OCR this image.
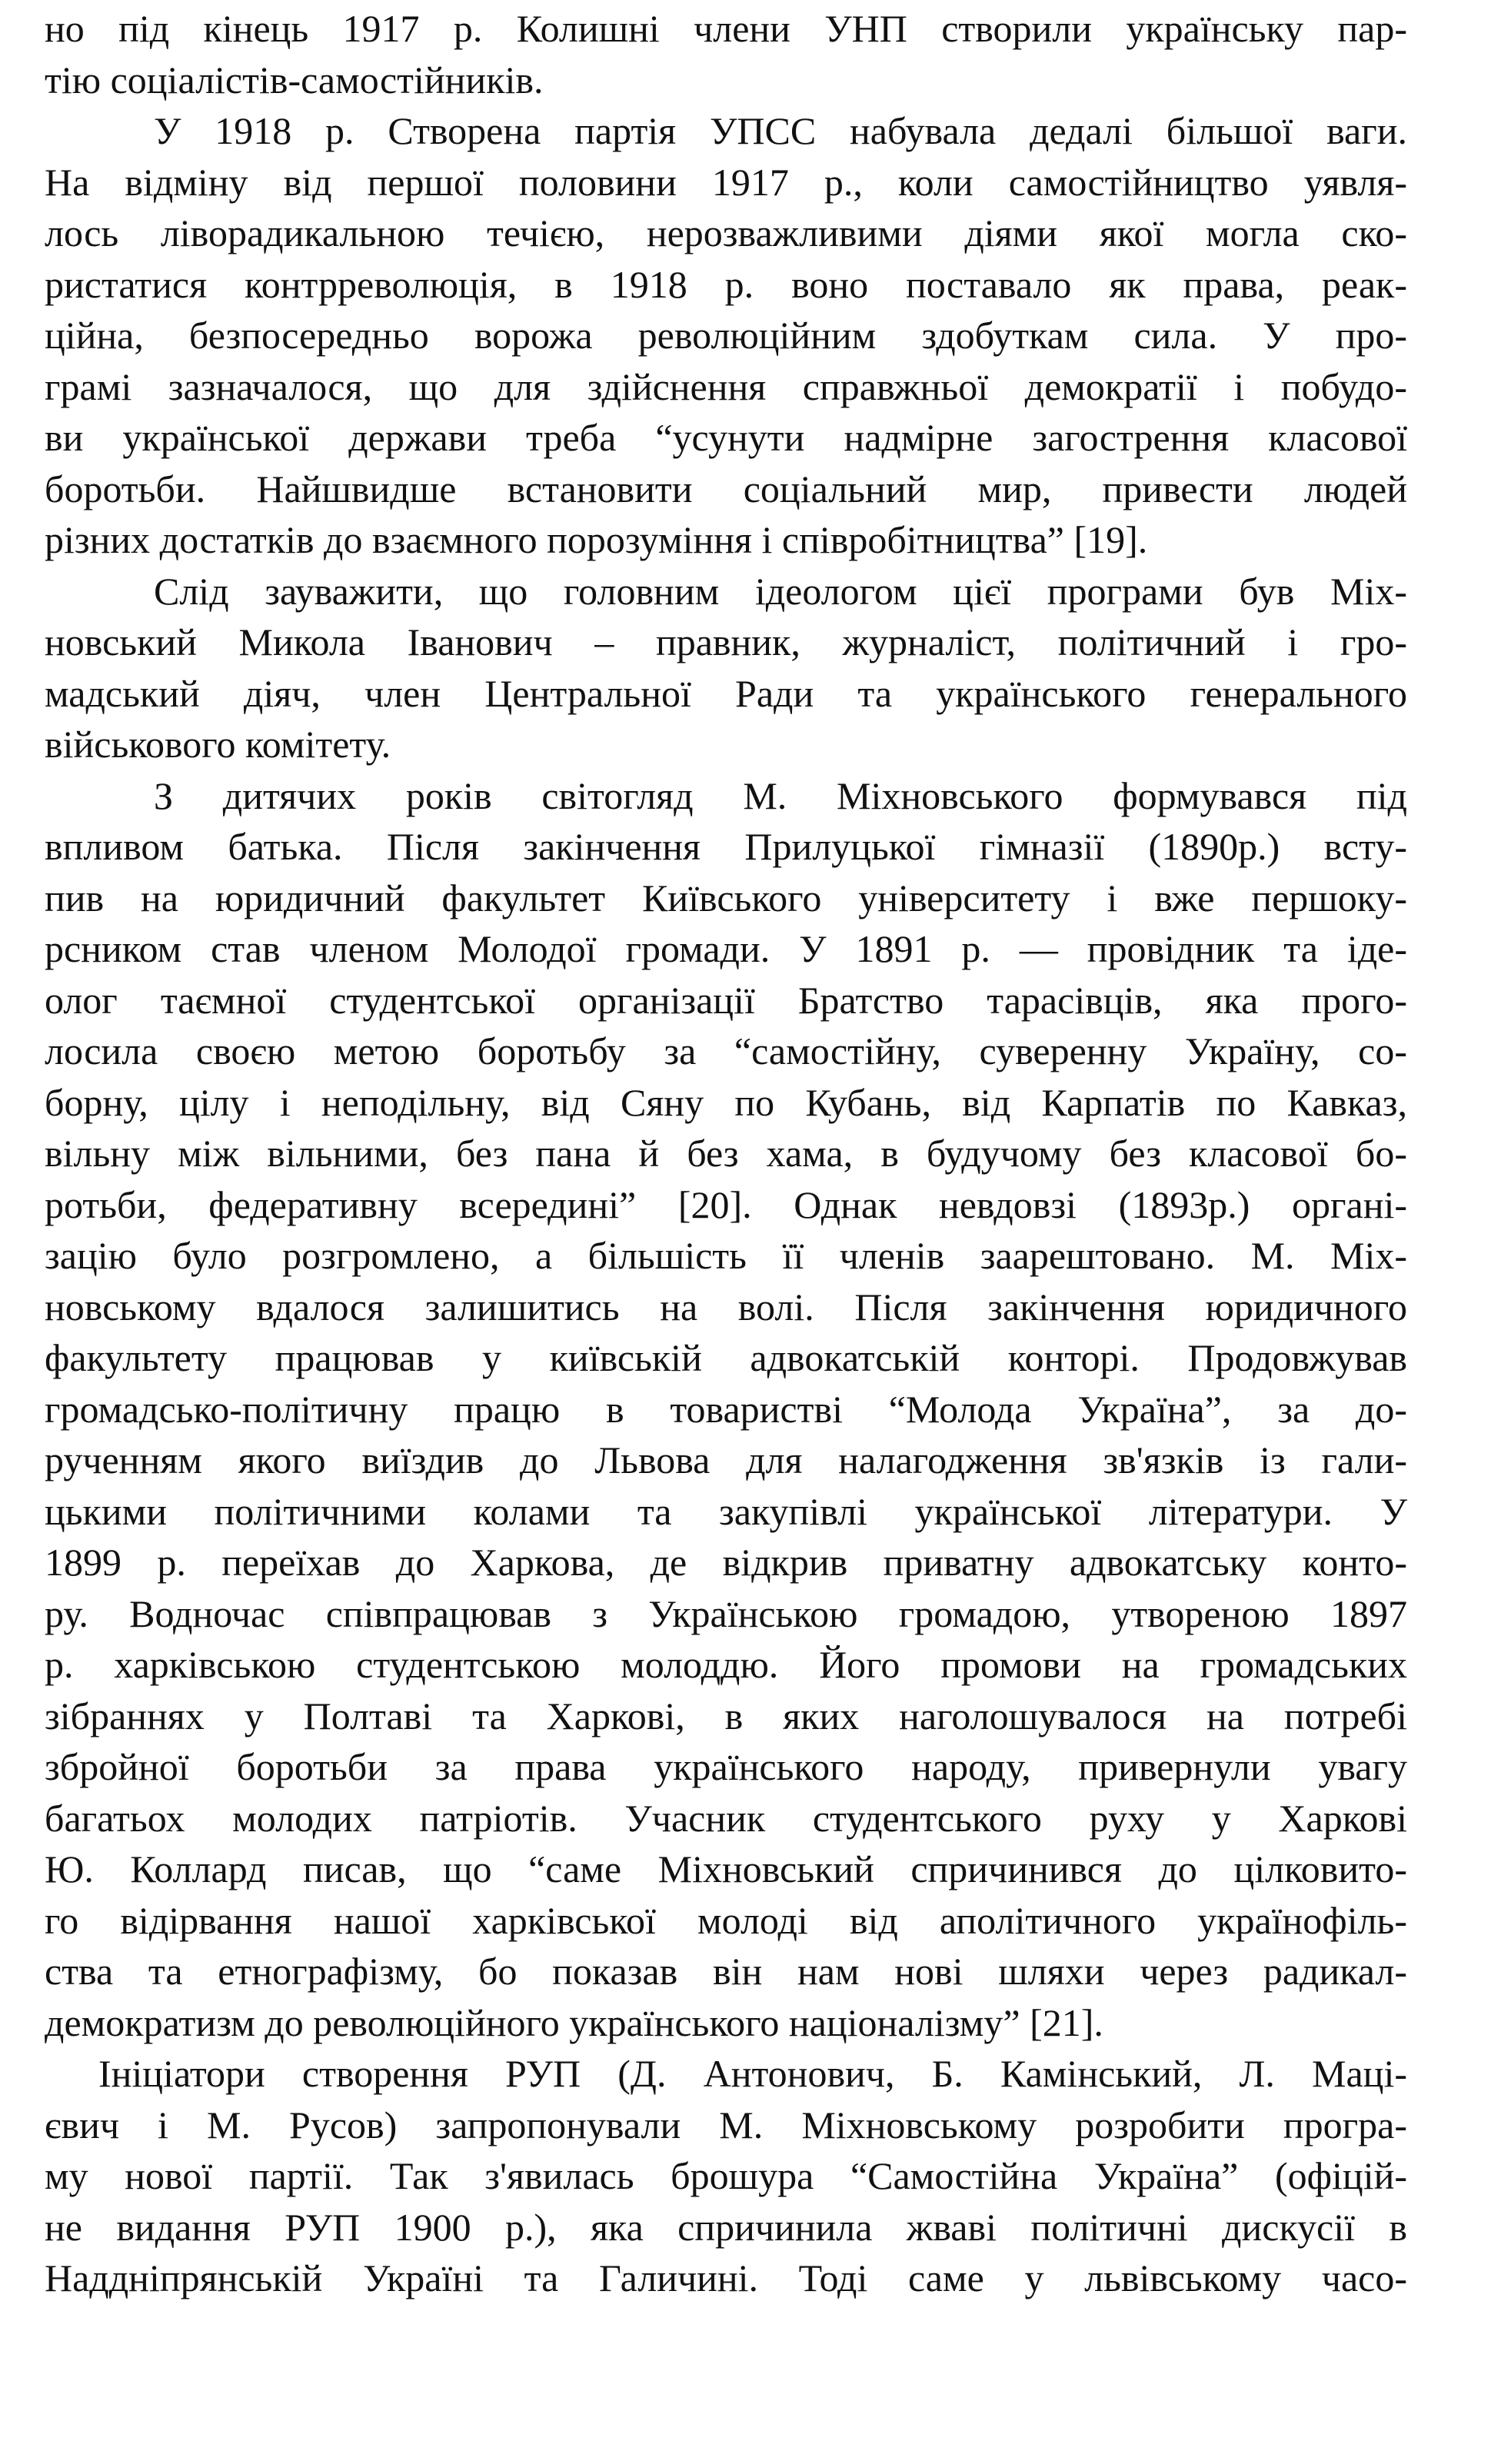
но під кінець 1917 р. Колишні члени УНП створили українську пар-
тію соціалістів-самостійників.
У 1918 р. Створена партія УПСС набувала дедалі більшої ваги.
На відміну від першої половини 1917 р., коли самостійництво уявля-
лось ліворадикальною течією, нерозважливими діями якої могла ско-
ристатися контрреволюція, в 1918 р. воно поставало як права, реак-
ційна, безпосередньо ворожа революційним здобуткам сила. У про-
грамі зазначалося, що для здійснення справжньої демократії і побудо-
ви української держави треба “усунути надмірне загострення класової
боротьби. Найшвидше встановити соціальний мир, привести людей
різних достатків до взаємного порозуміння і співробітництва” [19].
Слід зауважити, що головним ідеологом цієї програми був Міх-
новський Микола Іванович – правник, журналіст, політичний і гро-
мадський діяч, член Центральної Ради та українського генерального
військового комітету.
З дитячих років світогляд М. Міхновського формувався під
впливом батька. Після закінчення Прилуцької гімназії (1890р.) всту-
пив на юридичний факультет Київського університету і вже першоку-
рсником став членом Молодої громади. У 1891 р. — провідник та іде-
олог таємної студентської організації Братство тарасівців, яка прого-
лосила своєю метою боротьбу за “самостійну, суверенну Україну, со-
борну, цілу і неподільну, від Сяну по Кубань, від Карпатів по Кавказ,
вільну між вільними, без пана й без хама, в будучому без класової бо-
ротьби, федеративну всередині” [20]. Однак невдовзі (1893р.) органі-
зацію було розгромлено, а більшість її членів заарештовано. М. Міх-
новському вдалося залишитись на волі. Після закінчення юридичного
факультету працював у київській адвокатській конторі. Продовжував
громадсько-політичну працю в товаристві “Молода Україна”, за до-
рученням якого виїздив до Львова для налагодження зв'язків із гали-
цькими політичними колами та закупівлі української літератури. У
1899 р. переїхав до Харкова, де відкрив приватну адвокатську конто-
ру. Водночас співпрацював з Українською громадою, утвореною 1897
р. харківською студентською молоддю. Його промови на громадських
зібраннях у Полтаві та Харкові, в яких наголошувалося на потребі
збройної боротьби за права українського народу, привернули увагу
багатьох молодих патріотів. Учасник студентського руху у Харкові
Ю. Коллард писав, що “саме Міхновський спричинився до цілковито-
го відірвання нашої харківської молоді від аполітичного українофіль-
ства та етнографізму, бо показав він нам нові шляхи через радикал-
демократизм до революційного українського націоналізму” [21].
Ініціатори створення РУП (Д. Антонович, Б. Камінський, Л. Маці-
євич і М. Русов) запропонували М. Міхновському розробити програ-
му нової партії. Так з'явилась брошура “Самостійна Україна” (офіцій-
не видання РУП 1900 р.), яка спричинила жваві політичні дискусії в
Наддніпрянській Україні та Галичині. Тоді саме у львівському часо-
